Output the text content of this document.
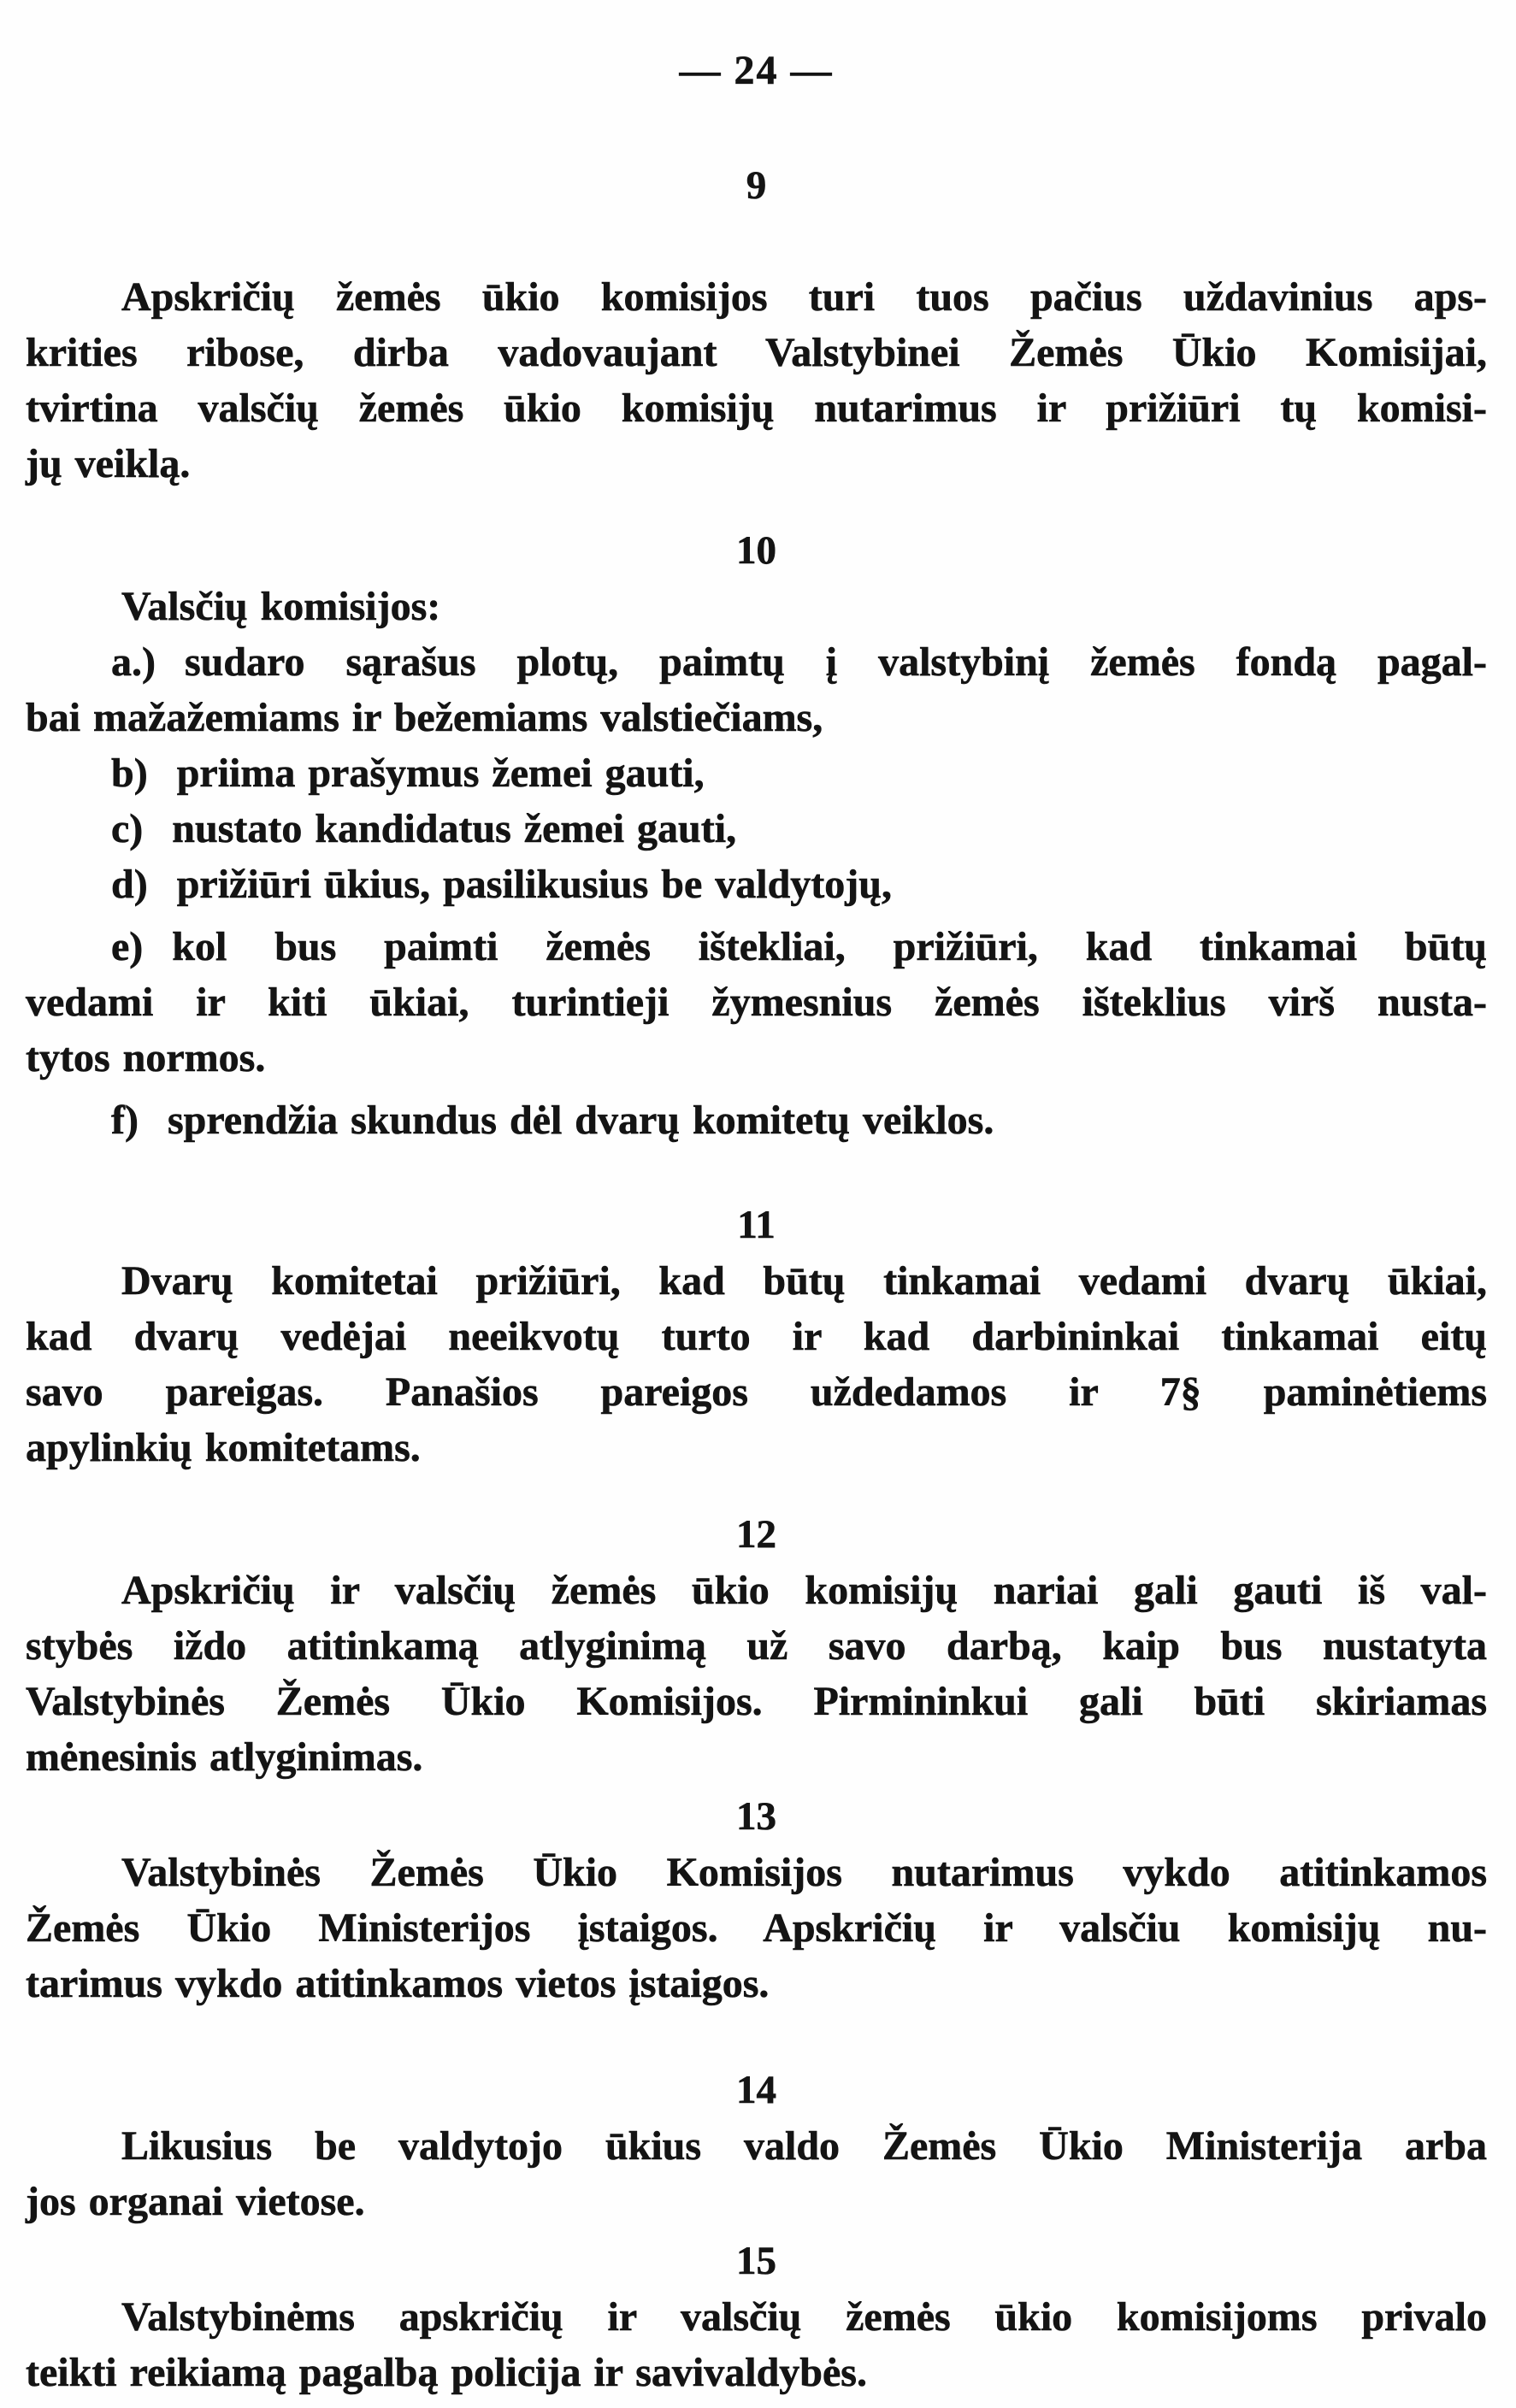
— 24 —
9
Apskričių žemės ūkio komisijos turi tuos pačius uždavinius aps-
krities ribose, dirba vadovaujant Valstybinei Žemės Ūkio Komisijai,
tvirtina valsčių žemės ūkio komisijų nutarimus ir prižiūri tų komisi-
jų veiklą.
10
Valsčių komisijos:
a.) sudaro sąrašus plotų, paimtų į valstybinį žemės fondą pagal-
bai mažažemiams ir bežemiams valstiečiams,
b) priima prašymus žemei gauti,
c) nustato kandidatus žemei gauti,
d) prižiūri ūkius, pasilikusius be valdytojų,
e) kol bus paimti žemės ištekliai, prižiūri, kad tinkamai būtų
vedami ir kiti ūkiai, turintieji žymesnius žemės išteklius virš nusta-
tytos normos.
f) sprendžia skundus dėl dvarų komitetų veiklos.
11
Dvarų komitetai prižiūri, kad būtų tinkamai vedami dvarų ūkiai,
kad dvarų vedėjai neeikvotų turto ir kad darbininkai tinkamai eitų
savo pareigas. Panašios pareigos uždedamos ir 7§ paminėtiems
apylinkių komitetams.
12
Apskričių ir valsčių žemės ūkio komisijų nariai gali gauti iš val-
stybės iždo atitinkamą atlyginimą už savo darbą, kaip bus nustatyta
Valstybinės Žemės Ūkio Komisijos. Pirmininkui gali būti skiriamas
mėnesinis atlyginimas.
13
Valstybinės Žemės Ūkio Komisijos nutarimus vykdo atitinkamos
Žemės Ūkio Ministerijos įstaigos. Apskričių ir valsčiu komisijų nu-
tarimus vykdo atitinkamos vietos įstaigos.
14
Likusius be valdytojo ūkius valdo Žemės Ūkio Ministerija arba
jos organai vietose.
15
Valstybinėms apskričių ir valsčių žemės ūkio komisijoms privalo
teikti reikiamą pagalbą policija ir savivaldybės.
